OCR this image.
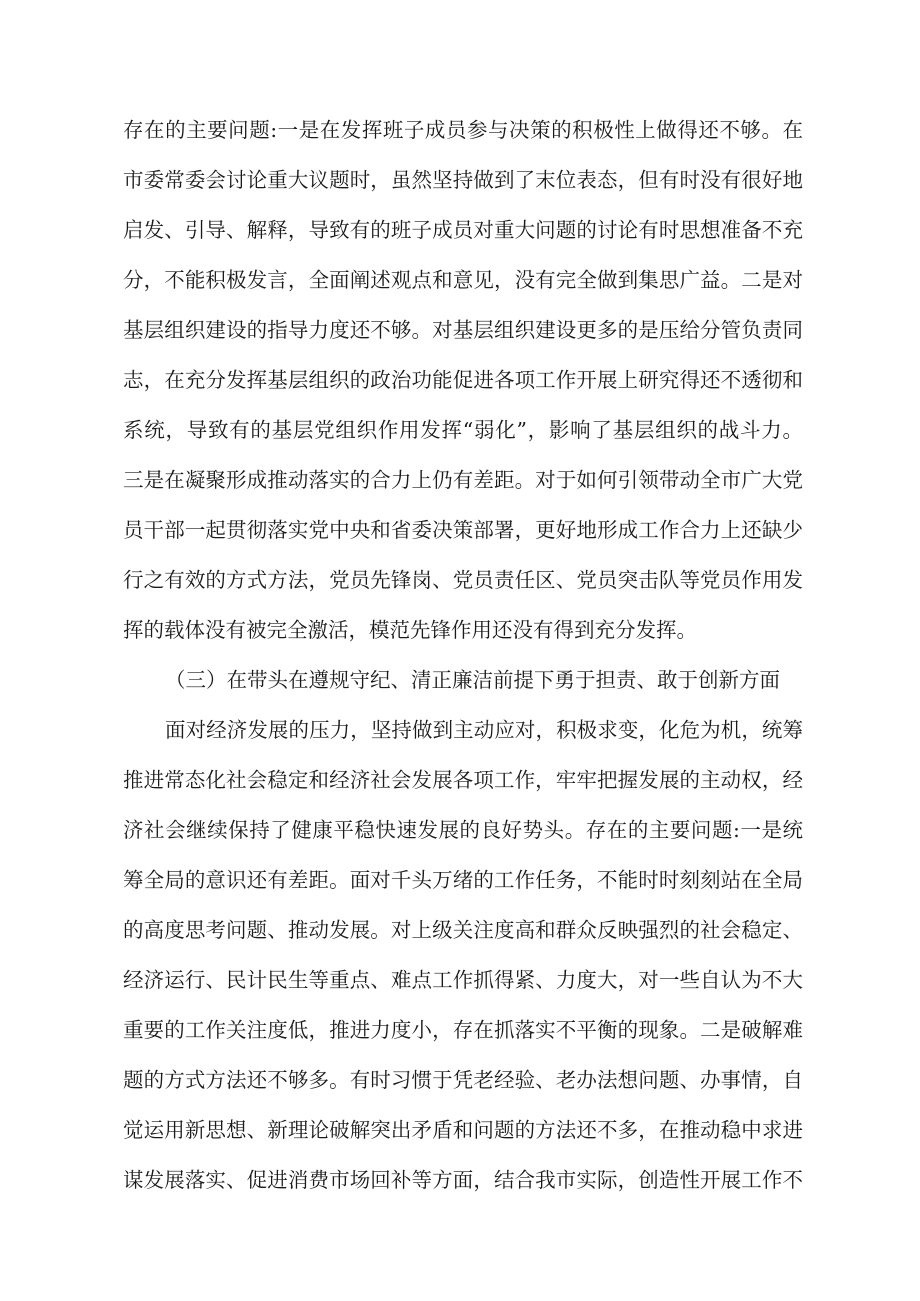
存在的主要问题:一是在发挥班子成员参与决策的积极性上做得还不够。在
市委常委会讨论重大议题时，虽然坚持做到了末位表态，但有时没有很好地
启发、引导、解释，导致有的班子成员对重大问题的讨论有时思想准备不充
分，不能积极发言，全面阐述观点和意见，没有完全做到集思广益。二是对
基层组织建设的指导力度还不够。对基层组织建设更多的是压给分管负责同
志，在充分发挥基层组织的政治功能促进各项工作开展上研究得还不透彻和
系统，导致有的基层党组织作用发挥“弱化”，影响了基层组织的战斗力。
三是在凝聚形成推动落实的合力上仍有差距。对于如何引领带动全市广大党
员干部一起贯彻落实党中央和省委决策部署，更好地形成工作合力上还缺少
行之有效的方式方法，党员先锋岗、党员责任区、党员突击队等党员作用发
挥的载体没有被完全激活，模范先锋作用还没有得到充分发挥。
（三）在带头在遵规守纪、清正廉洁前提下勇于担责、敢于创新方面
面对经济发展的压力，坚持做到主动应对，积极求变，化危为机，统筹
推进常态化社会稳定和经济社会发展各项工作，牢牢把握发展的主动权，经
济社会继续保持了健康平稳快速发展的良好势头。存在的主要问题:一是统
筹全局的意识还有差距。面对千头万绪的工作任务，不能时时刻刻站在全局
的高度思考问题、推动发展。对上级关注度高和群众反映强烈的社会稳定、
经济运行、民计民生等重点、难点工作抓得紧、力度大，对一些自认为不大
重要的工作关注度低，推进力度小，存在抓落实不平衡的现象。二是破解难
题的方式方法还不够多。有时习惯于凭老经验、老办法想问题、办事情，自
觉运用新思想、新理论破解突出矛盾和问题的方法还不多，在推动稳中求进
谋发展落实、促进消费市场回补等方面，结合我市实际，创造性开展工作不
